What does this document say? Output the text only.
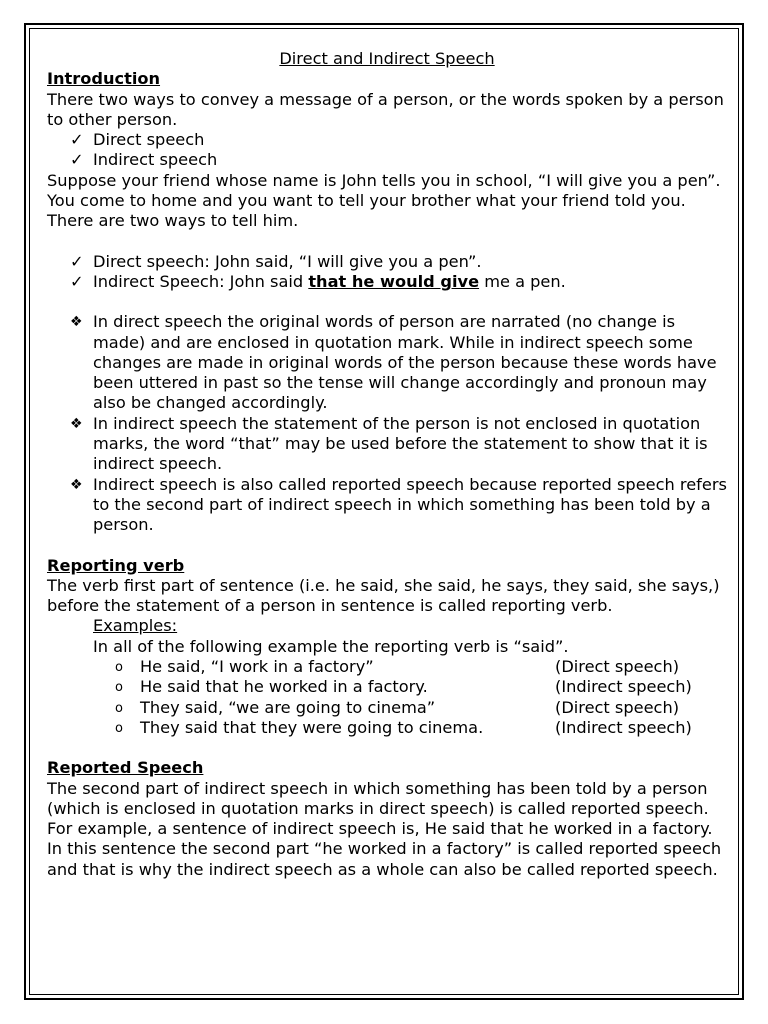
Direct and Indirect Speech

Introduction

There two ways to convey a message of a person, or the words spoken by a person to other person.

✓ Direct speech
✓ Indirect speech

Suppose your friend whose name is John tells you in school, “I will give you a pen”. You come to home and you want to tell your brother what your friend told you. There are two ways to tell him.

✓ Direct speech: John said, “I will give you a pen”.
✓ Indirect Speech: John said that he would give me a pen.
❖ In direct speech the original words of person are narrated (no change is made) and are enclosed in quotation mark. While in indirect speech some changes are made in original words of the person because these words have been uttered in past so the tense will change accordingly and pronoun may also be changed accordingly.
❖ In indirect speech the statement of the person is not enclosed in quotation marks, the word “that” may be used before the statement to show that it is indirect speech.
❖ Indirect speech is also called reported speech because reported speech refers to the second part of indirect speech in which something has been told by a person.

Reporting verb

The verb first part of sentence (i.e. he said, she said, he says, they said, she says,) before the statement of a person in sentence is called reporting verb.

Examples:

In all of the following example the reporting verb is “said”.

o He said, “I work in a factory”	(Direct speech)
o He said that he worked in a factory.	(Indirect speech)
o They said, “we are going to cinema”	(Direct speech)
o They said that they were going to cinema.	(Indirect speech)

Reported Speech

The second part of indirect speech in which something has been told by a person (which is enclosed in quotation marks in direct speech) is called reported speech. For example, a sentence of indirect speech is, He said that he worked in a factory. In this sentence the second part “he worked in a factory” is called reported speech and that is why the indirect speech as a whole can also be called reported speech.
